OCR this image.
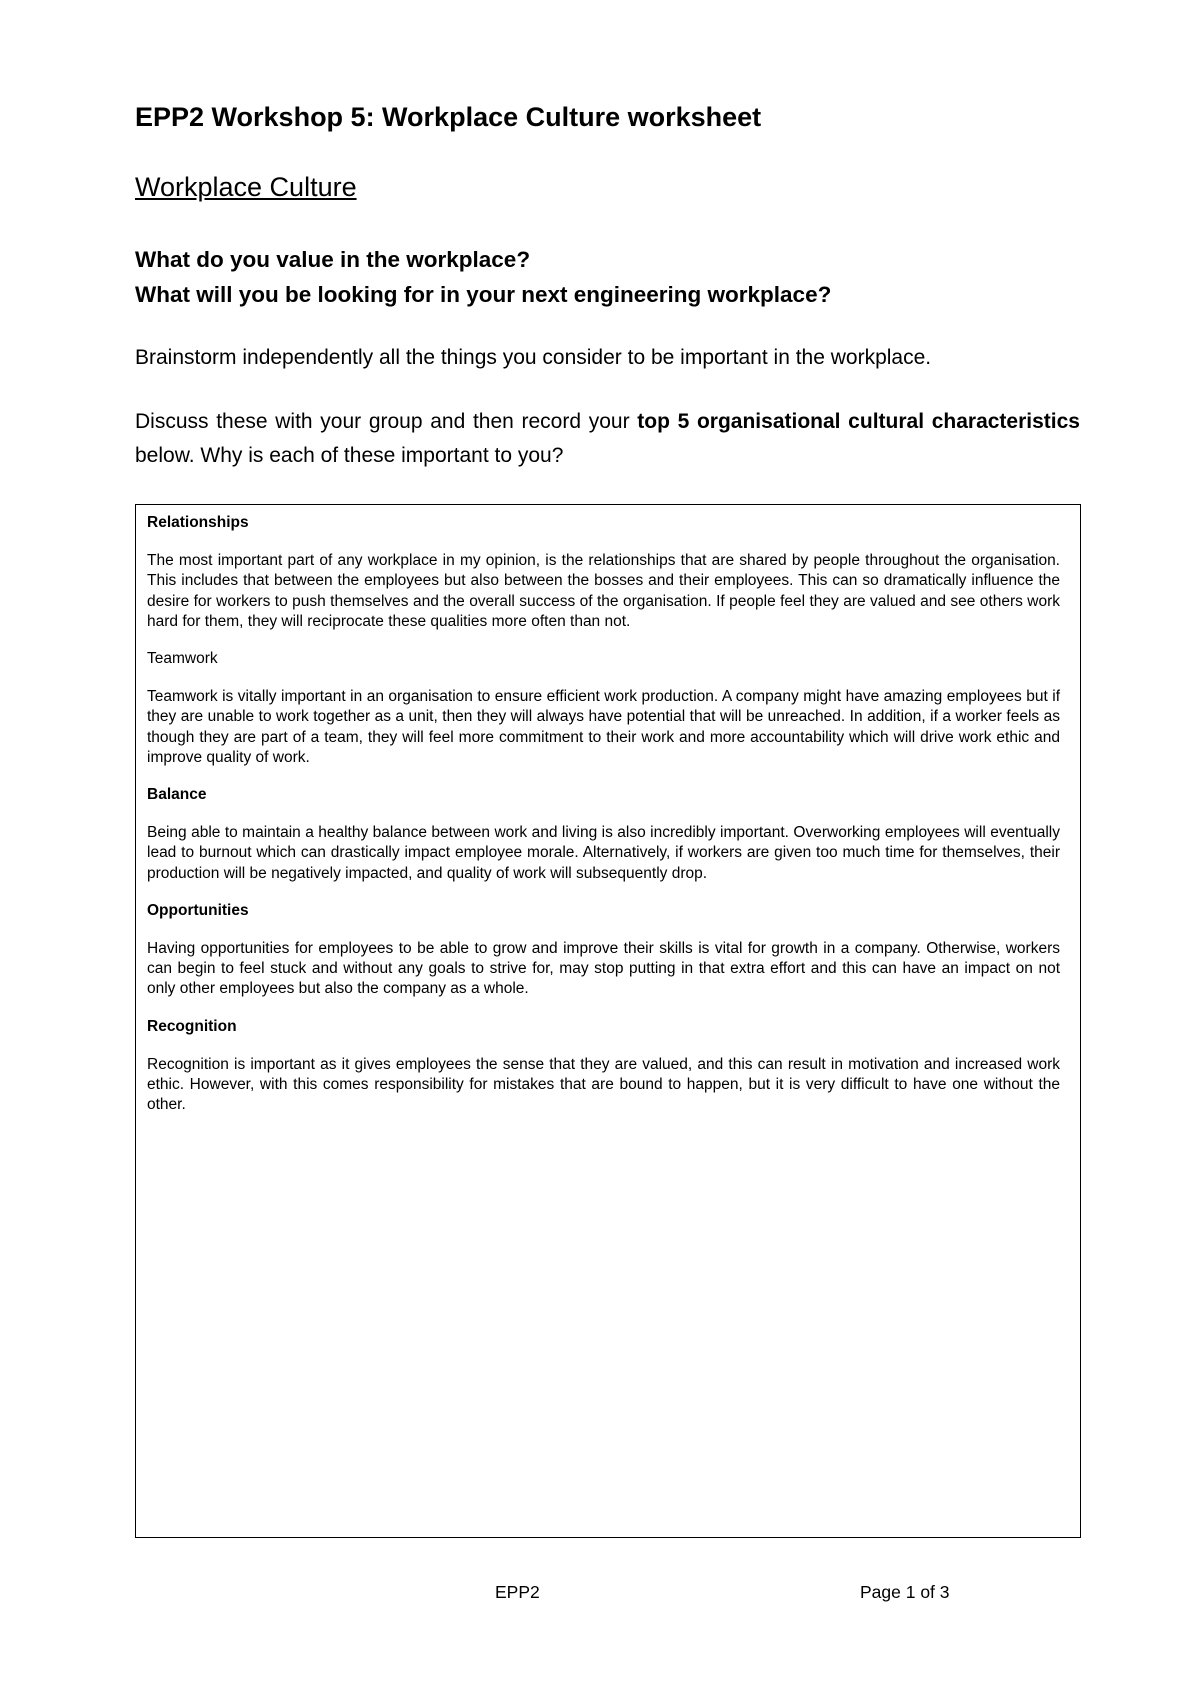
EPP2 Workshop 5: Workplace Culture worksheet
Workplace Culture

What do you value in the workplace?

What will you be looking for in your next engineering workplace?

Brainstorm independently all the things you consider to be important in the workplace.

Discuss these with your group and then record your top 5 organisational cultural characteristics below. Why is each of these important to you?

Relationships

The most important part of any workplace in my opinion, is the relationships that are shared by people throughout the organisation. This includes that between the employees but also between the bosses and their employees. This can so dramatically influence the desire for workers to push themselves and the overall success of the organisation. If people feel they are valued and see others work hard for them, they will reciprocate these qualities more often than not.

Teamwork

Teamwork is vitally important in an organisation to ensure efficient work production. A company might have amazing employees but if they are unable to work together as a unit, then they will always have potential that will be unreached. In addition, if a worker feels as though they are part of a team, they will feel more commitment to their work and more accountability which will drive work ethic and improve quality of work.

Balance

Being able to maintain a healthy balance between work and living is also incredibly important. Overworking employees will eventually lead to burnout which can drastically impact employee morale. Alternatively, if workers are given too much time for themselves, their production will be negatively impacted, and quality of work will subsequently drop.

Opportunities

Having opportunities for employees to be able to grow and improve their skills is vital for growth in a company. Otherwise, workers can begin to feel stuck and without any goals to strive for, may stop putting in that extra effort and this can have an impact on not only other employees but also the company as a whole.

Recognition

Recognition is important as it gives employees the sense that they are valued, and this can result in motivation and increased work ethic. However, with this comes responsibility for mistakes that are bound to happen, but it is very difficult to have one without the other.

EPP2	Page 1 of 3
